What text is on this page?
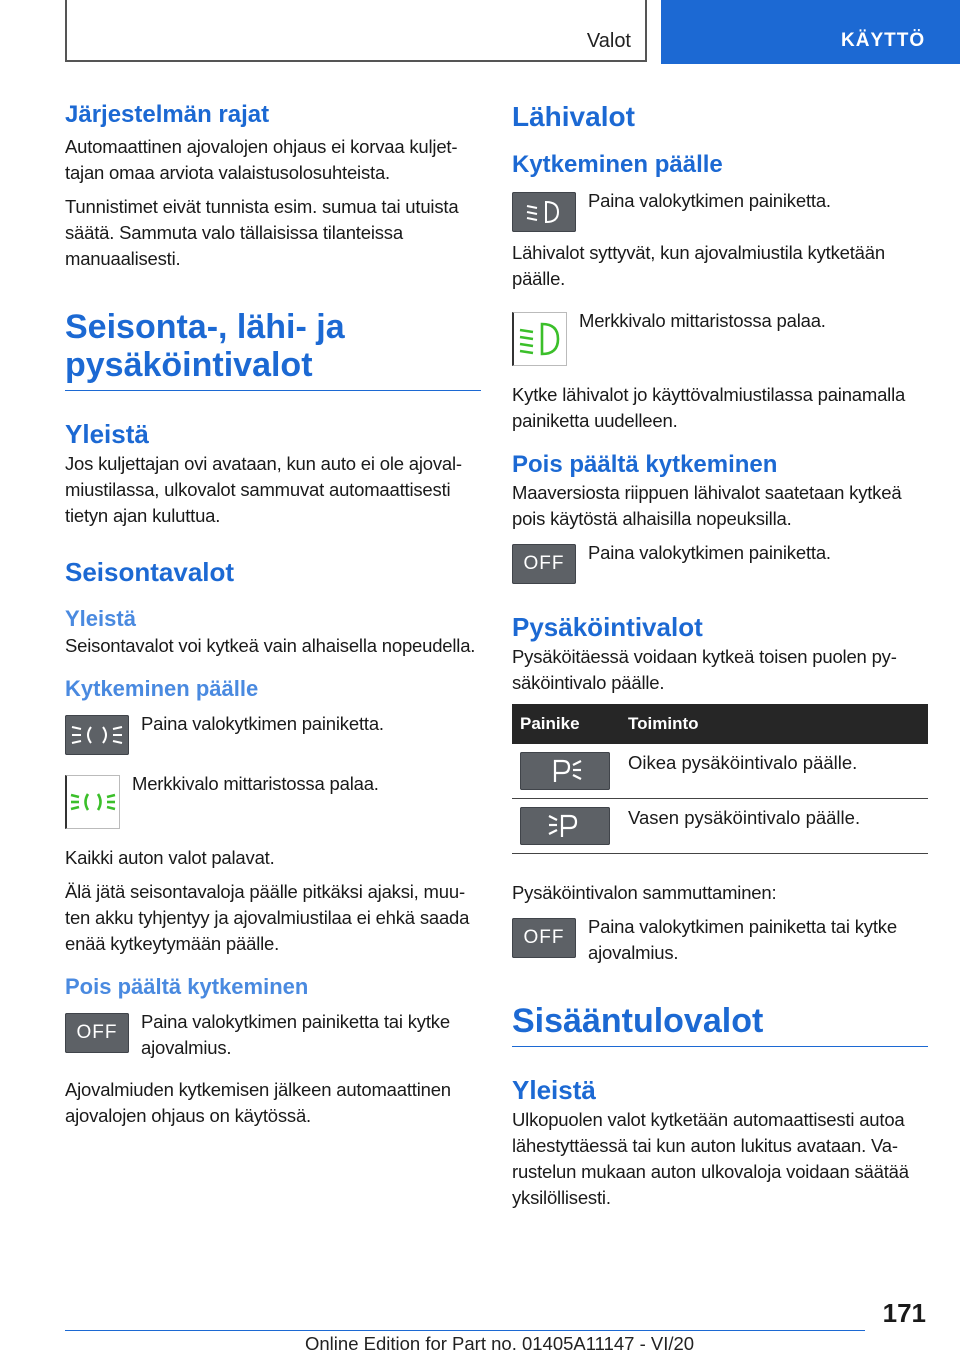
Valot	KÄYTTÖ
Järjestelmän rajat

Automaattinen ajovalojen ohjaus ei korvaa kuljettajan omaa arviota valaistusolosuhteista.

Tunnistimet eivät tunnista esim. sumua tai utuista säätä. Sammuta valo tällaisissa tilanteissa manuaalisesti.

Seisonta-, lähi- ja pysäköintivalot
Yleistä

Jos kuljettajan ovi avataan, kun auto ei ole ajovalmiustilassa, ulkovalot sammuvat automaattisesti tietyn ajan kuluttua.

Seisontavalot
Yleistä

Seisontavalot voi kytkeä vain alhaisella nopeudella.

Kytkeminen päälle

Paina valokytkimen painiketta.

Merkkivalo mittaristossa palaa.

Kaikki auton valot palavat.

Älä jätä seisontavaloja päälle pitkäksi ajaksi, muuten akku tyhjentyy ja ajovalmiustilaa ei ehkä saada enää kytkeytymään päälle.

Pois päältä kytkeminen
OFF

Paina valokytkimen painiketta tai kytke ajovalmius.

Ajovalmiuden kytkemisen jälkeen automaattinen ajovalojen ohjaus on käytössä.

Lähivalot
Kytkeminen päälle

Paina valokytkimen painiketta.

Lähivalot syttyvät, kun ajovalmiustila kytketään päälle.

Merkkivalo mittaristossa palaa.

Kytke lähivalot jo käyttövalmiustilassa painamalla painiketta uudelleen.

Pois päältä kytkeminen

Maaversiosta riippuen lähivalot saatetaan kytkeä pois käytöstä alhaisilla nopeuksilla.

OFF

Paina valokytkimen painiketta.

Pysäköintivalot

Pysäköitäessä voidaan kytkeä toisen puolen pysäköintivalo päälle.

Painike	Toiminto

	Oikea pysäköintivalo päälle.

	Vasen pysäköintivalo päälle.

Pysäköintivalon sammuttaminen:

OFF

Paina valokytkimen painiketta tai kytke ajovalmius.

Sisääntulovalot
Yleistä

Ulkopuolen valot kytketään automaattisesti autoa lähestyttäessä tai kun auton lukitus avataan. Varustelun mukaan auton ulkovaloja voidaan säätää yksilöllisesti.

171
Online Edition for Part no. 01405A11147 - VI/20
